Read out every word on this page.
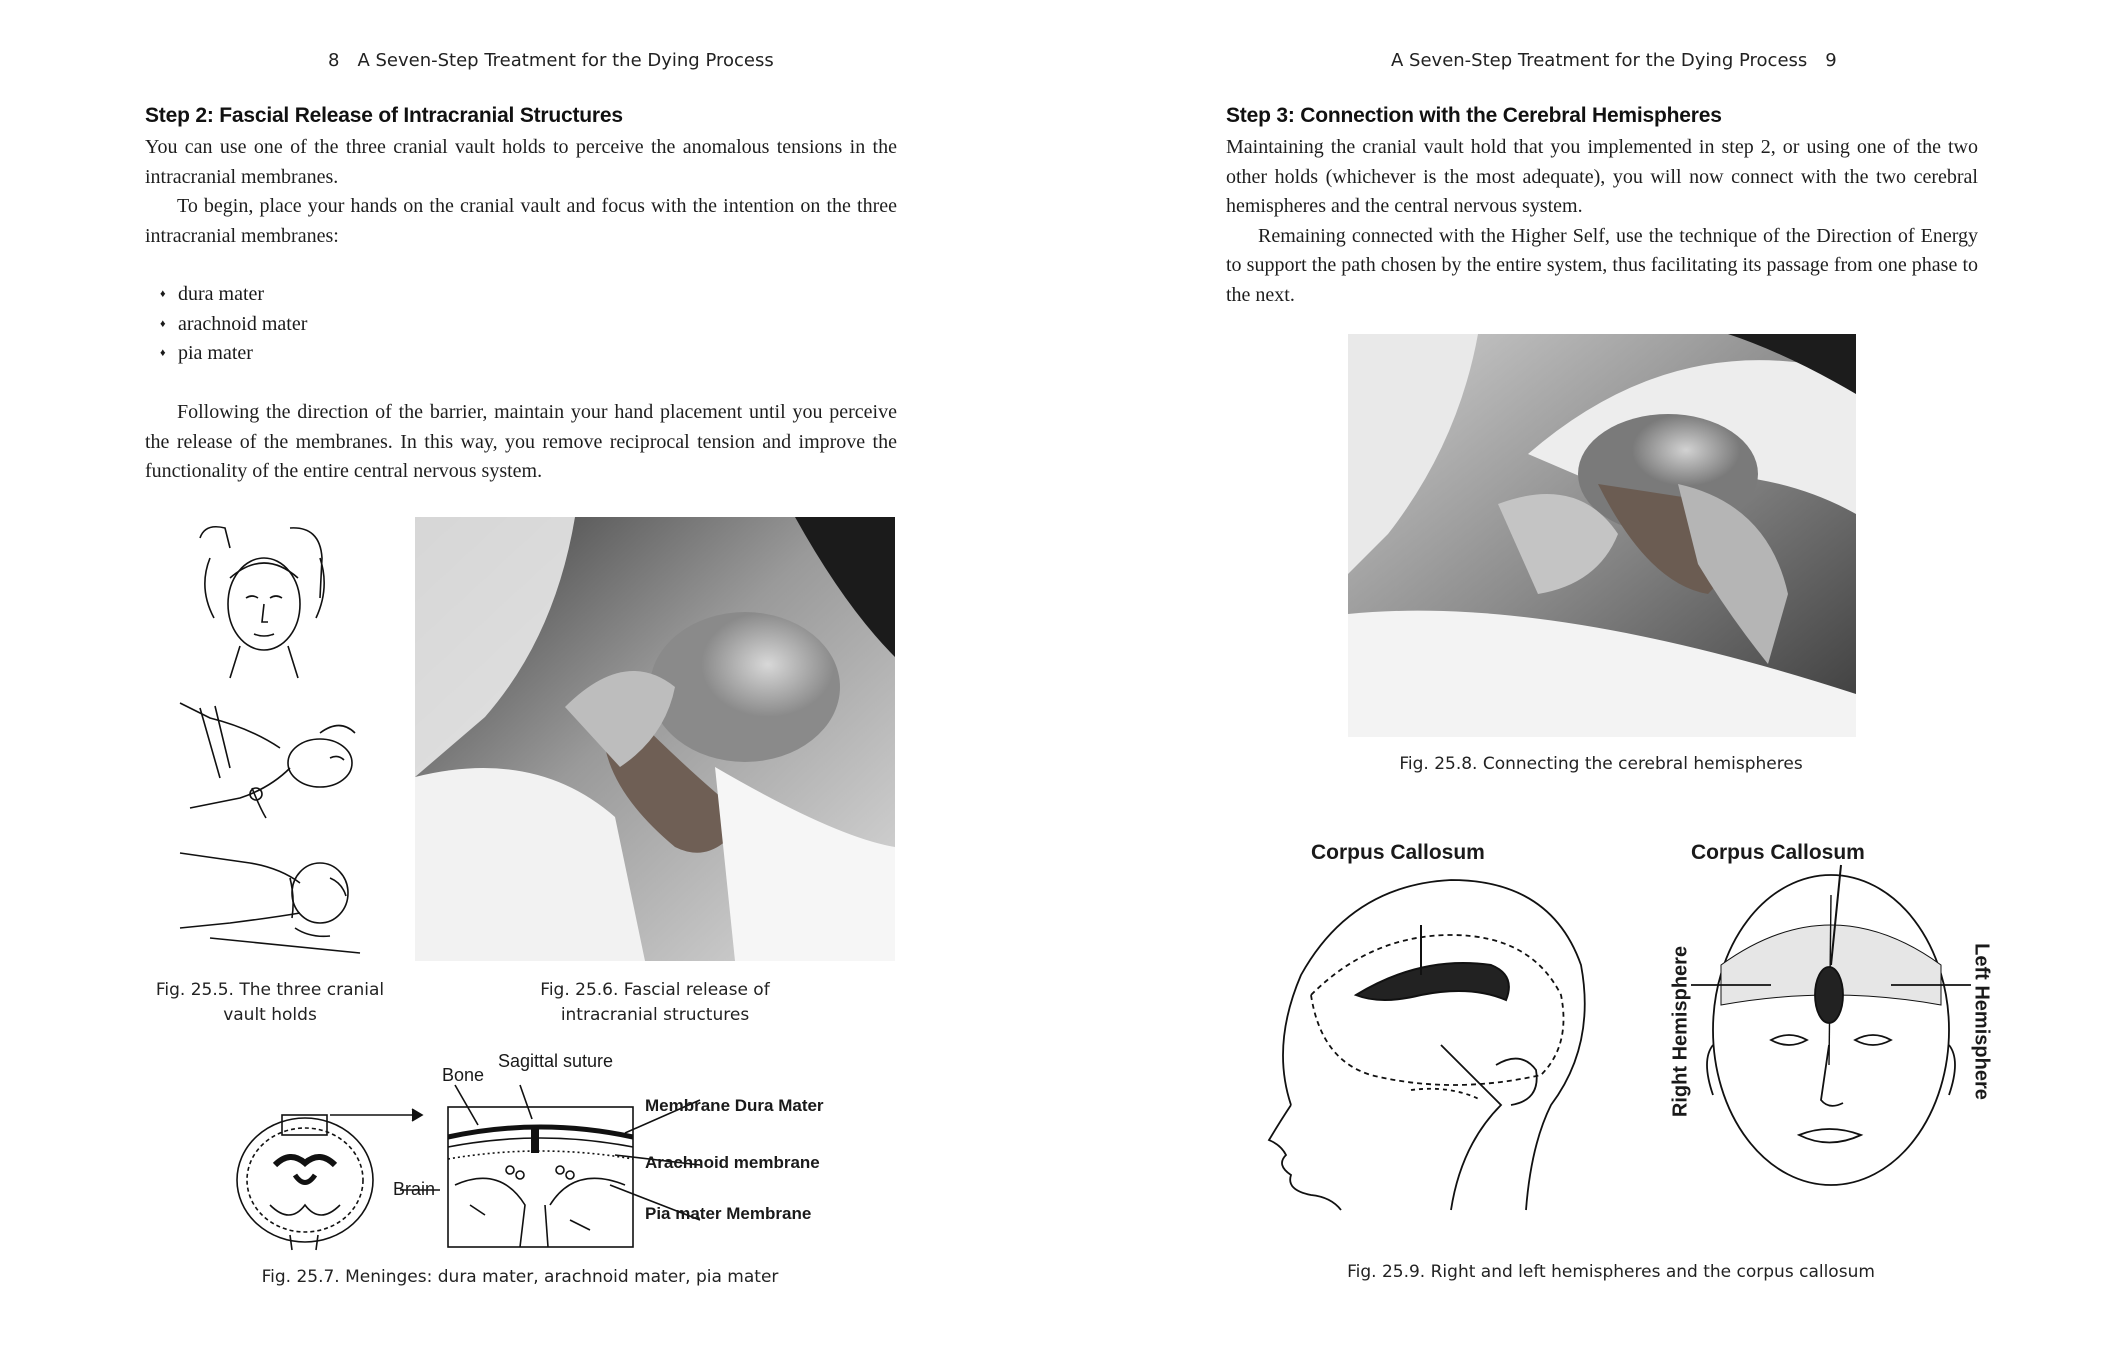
8 A Seven-Step Treatment for the Dying Process
Step 2: Fascial Release of Intracranial Structures

You can use one of the three cranial vault holds to perceive the anomalous tensions in the intracranial membranes.

To begin, place your hands on the cranial vault and focus with the intention on the three intracranial membranes:

♦ dura mater
♦ arachnoid mater
♦ pia mater

Following the direction of the barrier, maintain your hand placement until you perceive the release of the membranes. In this way, you remove reciprocal tension and improve the functionality of the entire central nervous system.

Fig. 25.5. The three cranial
vault holds
Fig. 25.6. Fascial release of
intracranial structures
Bone
Sagittal suture
Brain
Membrane Dura Mater
Arachnoid membrane
Pia mater Membrane
Fig. 25.7. Meninges: dura mater, arachnoid mater, pia mater
A Seven-Step Treatment for the Dying Process 9
Step 3: Connection with the Cerebral Hemispheres

Maintaining the cranial vault hold that you implemented in step 2, or using one of the two other holds (whichever is the most adequate), you will now connect with the two cerebral hemispheres and the central nervous system.

Remaining connected with the Higher Self, use the technique of the Direction of Energy to support the path chosen by the entire system, thus facilitating its passage from one phase to the next.

Fig. 25.8. Connecting the cerebral hemispheres
Corpus Callosum	Corpus Callosum
Right Hemisphere	Left Hemisphere
Fig. 25.9. Right and left hemispheres and the corpus callosum
